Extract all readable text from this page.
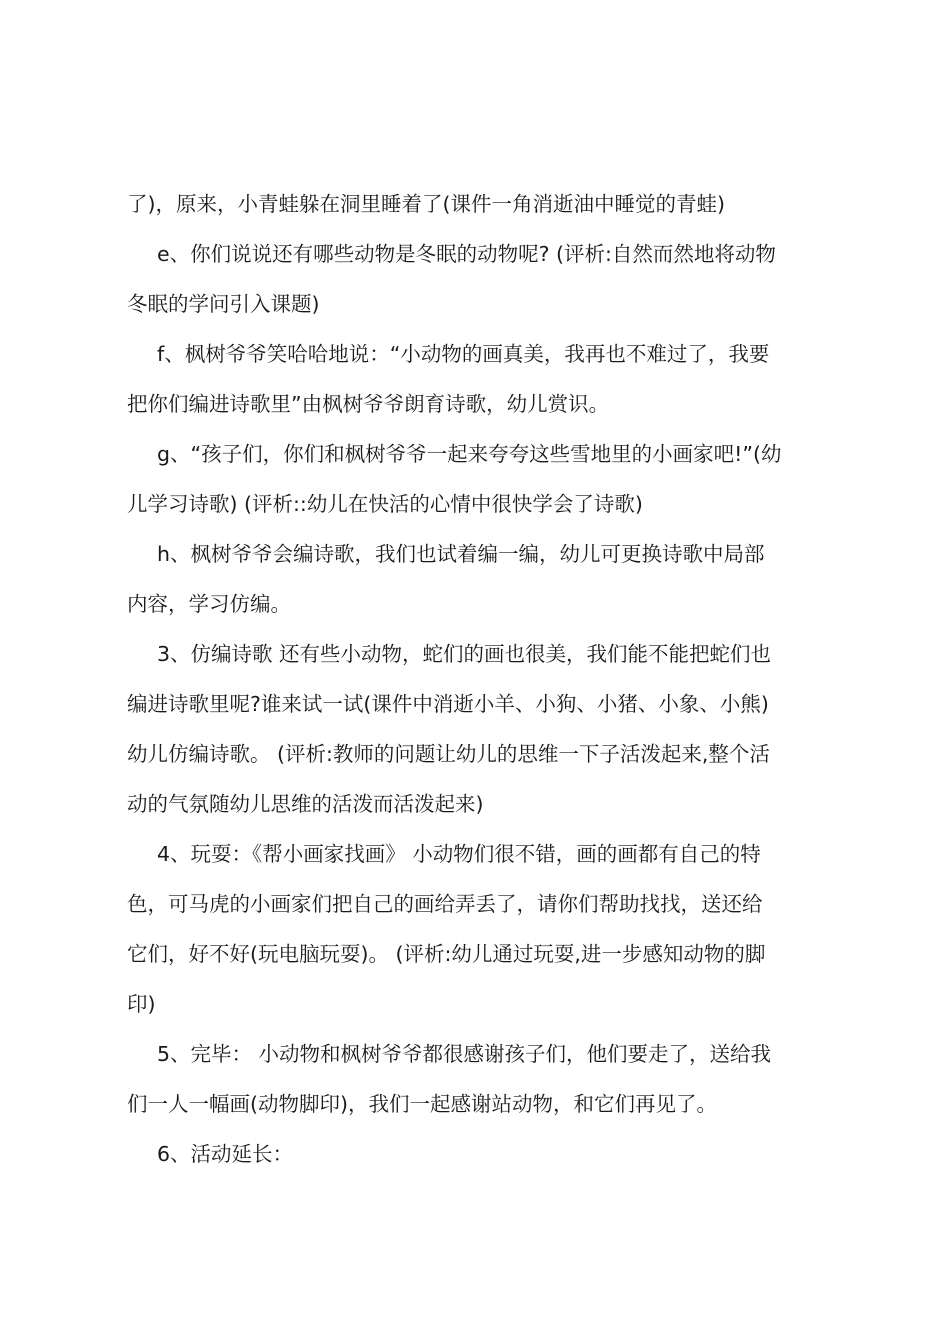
了)，原来，小青蛙躲在洞里睡着了(课件一角消逝油中睡觉的青蛙)
e、你们说说还有哪些动物是冬眠的动物呢? (评析:自然而然地将动物
冬眠的学问引入课题)
f、枫树爷爷笑哈哈地说：“小动物的画真美，我再也不难过了，我要
把你们编进诗歌里”由枫树爷爷朗育诗歌，幼儿赏识。
g、“孩子们，你们和枫树爷爷一起来夸夸这些雪地里的小画家吧!”(幼
儿学习诗歌) (评析::幼儿在快活的心情中很快学会了诗歌)
h、枫树爷爷会编诗歌，我们也试着编一编，幼儿可更换诗歌中局部
内容，学习仿编。
3、仿编诗歌 还有些小动物，蛇们的画也很美，我们能不能把蛇们也
编进诗歌里呢?谁来试一试(课件中消逝小羊、小狗、小猪、小象、小熊)
幼儿仿编诗歌。 (评析:教师的问题让幼儿的思维一下子活泼起来,整个活
动的气氛随幼儿思维的活泼而活泼起来)
4、玩耍：《帮小画家找画》 小动物们很不错，画的画都有自己的特
色，可马虎的小画家们把自己的画给弄丢了，请你们帮助找找，送还给
它们，好不好(玩电脑玩耍)。 (评析:幼儿通过玩耍,进一步感知动物的脚
印)
5、完毕： 小动物和枫树爷爷都很感谢孩子们，他们要走了，送给我
们一人一幅画(动物脚印)，我们一起感谢站动物，和它们再见了。
6、活动延长：
